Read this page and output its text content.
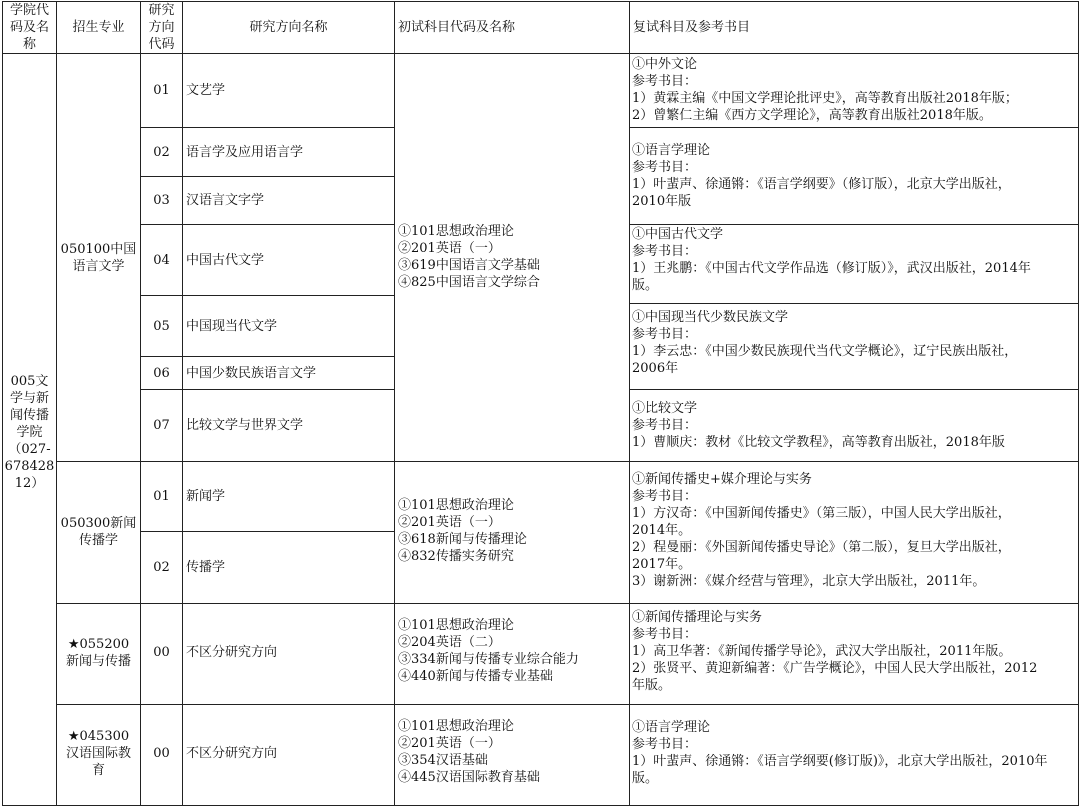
学院代
码及名
称
招生专业
研究
方向
代码
研究方向名称	初试科目代码及名称	复试科目及参考书目
005文
学与新
闻传播
学院
（027-
678428
12）
050100中国
语言文学
050300新闻
传播学
★055200
新闻与传播
★045300
汉语国际教
育
01
02
03
04
05
06
07
01
02
00
00
文艺学
语言学及应用语言学
汉语言文字学
中国古代文学
中国现当代文学
中国少数民族语言文学
比较文学与世界文学
新闻学
传播学
不区分研究方向
不区分研究方向
①101思想政治理论
②201英语（一）
③619中国语言文学基础
④825中国语言文学综合
①101思想政治理论
②201英语（一）
③618新闻与传播理论
④832传播实务研究
①101思想政治理论
②204英语（二）
③334新闻与传播专业综合能力
④440新闻与传播专业基础
①101思想政治理论
②201英语（一）
③354汉语基础
④445汉语国际教育基础
①中外文论
参考书目：
1）黄霖主编《中国文学理论批评史》，高等教育出版社2018年版；
2）曾繁仁主编《西方文学理论》，高等教育出版社2018年版。
①语言学理论
参考书目：
1）叶蜚声、徐通锵：《语言学纲要》（修订版），北京大学出版社，
2010年版
①中国古代文学
参考书目：
1）王兆鹏：《中国古代文学作品选（修订版）》，武汉出版社，2014年
版。
①中国现当代少数民族文学
参考书目：
1）李云忠：《中国少数民族现代当代文学概论》，辽宁民族出版社，
2006年
①比较文学
参考书目：
1）曹顺庆：教材《比较文学教程》，高等教育出版社，2018年版
①新闻传播史+媒介理论与实务
参考书目：
1）方汉奇：《中国新闻传播史》（第三版），中国人民大学出版社，
2014年。
2）程曼丽：《外国新闻传播史导论》（第二版），复旦大学出版社，
2017年。
3）谢新洲：《媒介经营与管理》，北京大学出版社，2011年。
①新闻传播理论与实务
参考书目：
1）高卫华著：《新闻传播学导论》，武汉大学出版社，2011年版。
2）张贤平、黄迎新编著：《广告学概论》，中国人民大学出版社，2012
年版。
①语言学理论
参考书目：
1）叶蜚声、徐通锵：《语言学纲要(修订版)》，北京大学出版社，2010年
版。
